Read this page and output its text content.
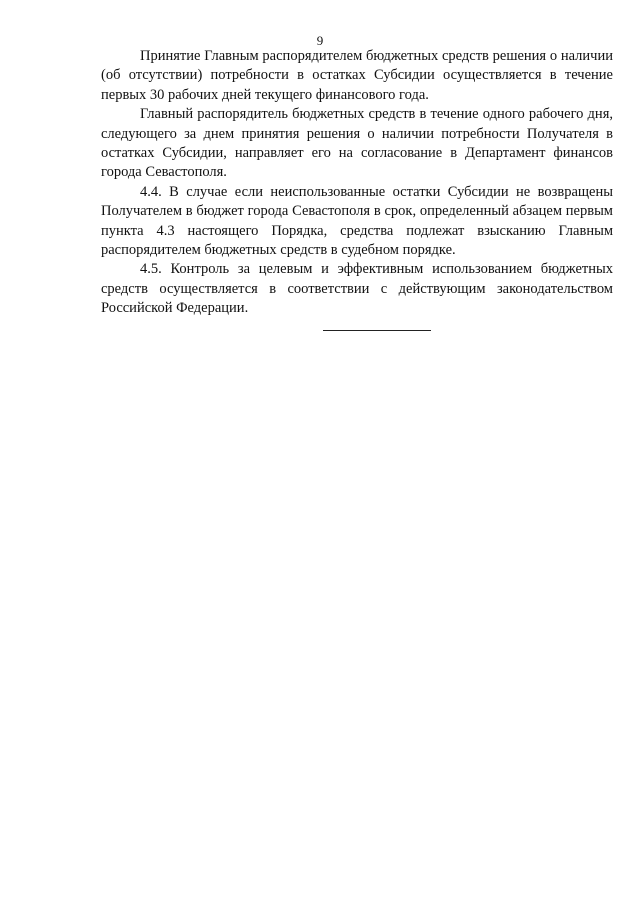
9

Принятие Главным распорядителем бюджетных средств решения о наличии (об отсутствии) потребности в остатках Субсидии осуществляется в течение первых 30 рабочих дней текущего финансового года.

Главный распорядитель бюджетных средств в течение одного рабочего дня, следующего за днем принятия решения о наличии потребности Получателя в остатках Субсидии, направляет его на согласование в Департамент финансов города Севастополя.

4.4. В случае если неиспользованные остатки Субсидии не возвращены Получателем в бюджет города Севастополя в срок, определенный абзацем первым пункта 4.3 настоящего Порядка, средства подлежат взысканию Главным распорядителем бюджетных средств в судебном порядке.

4.5. Контроль за целевым и эффективным использованием бюджетных средств осуществляется в соответствии с действующим законодательством Российской Федерации.
